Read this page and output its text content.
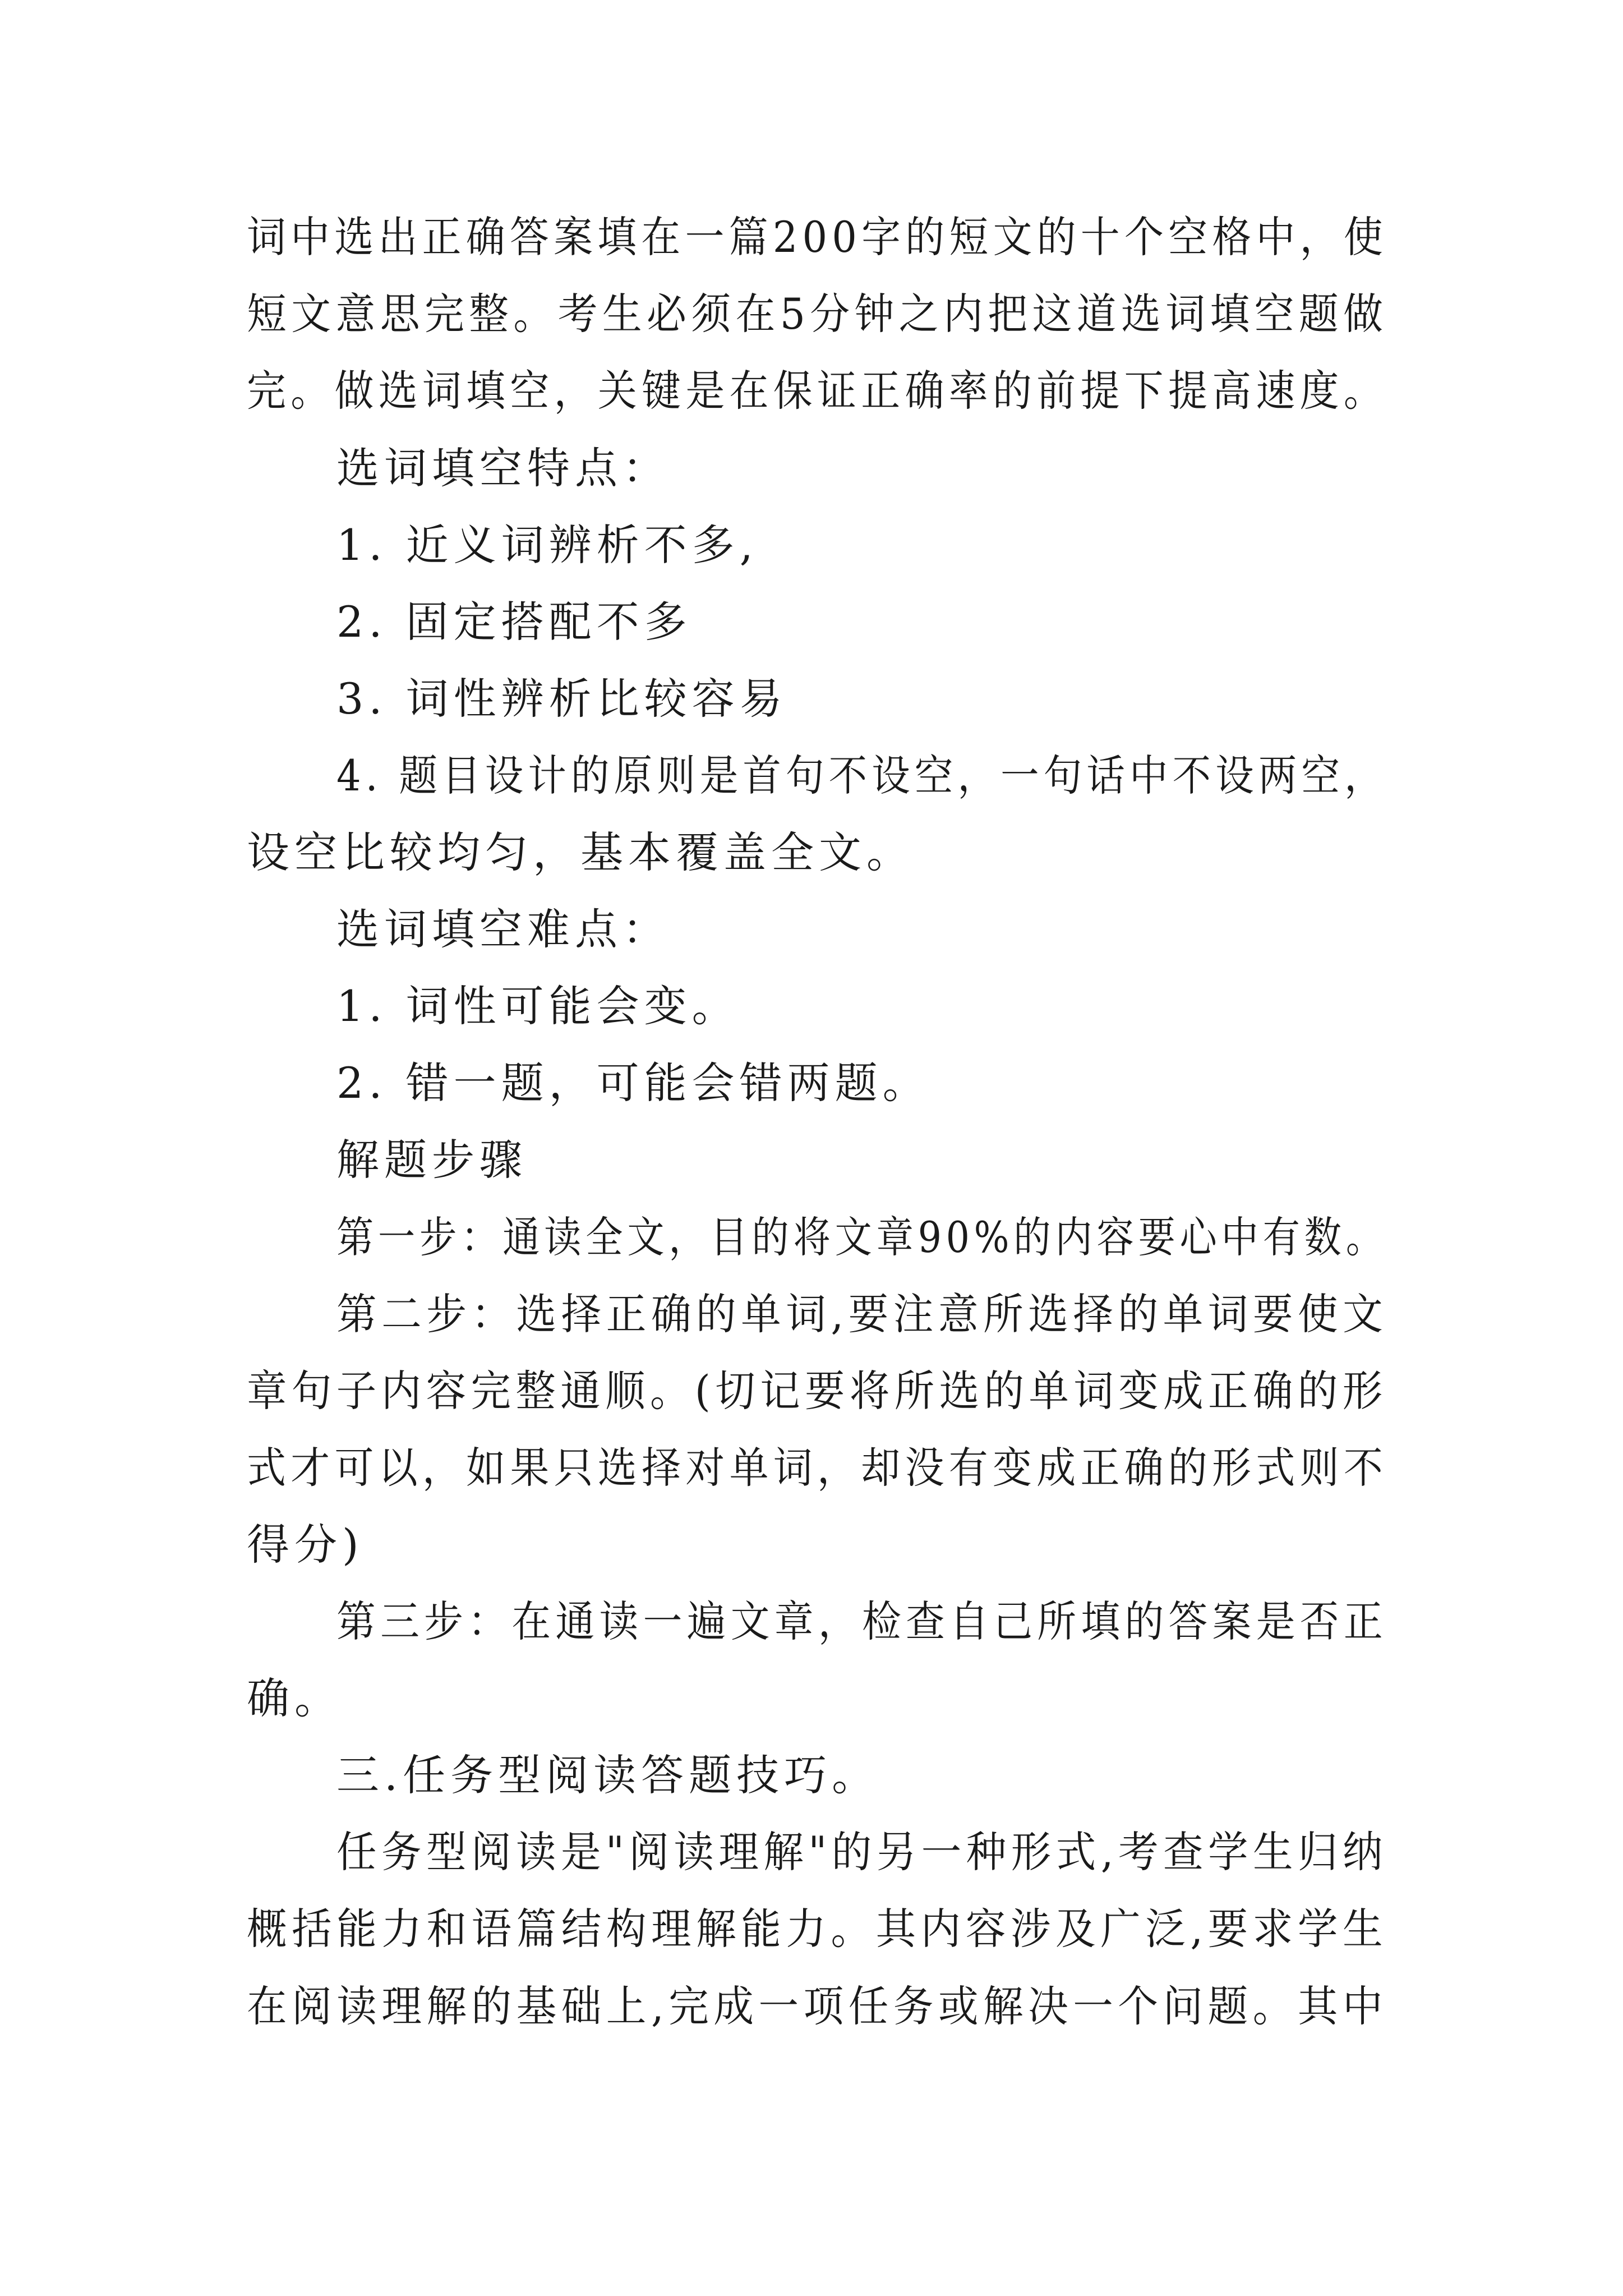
词中选出正确答案填在一篇200字的短文的十个空格中，使
短文意思完整。考生必须在5分钟之内把这道选词填空题做
完。做选词填空，关键是在保证正确率的前提下提高速度。
选词填空特点：
1. 近义词辨析不多,
2. 固定搭配不多
3. 词性辨析比较容易
4. 题目设计的原则是首句不设空，一句话中不设两空，
设空比较均匀，基本覆盖全文。
选词填空难点：
1. 词性可能会变。
2. 错一题，可能会错两题。
解题步骤
第一步：通读全文，目的将文章90%的内容要心中有数。
第二步：选择正确的单词,要注意所选择的单词要使文
章句子内容完整通顺。(切记要将所选的单词变成正确的形
式才可以，如果只选择对单词，却没有变成正确的形式则不
得分)
第三步：在通读一遍文章，检查自己所填的答案是否正
确。
三.任务型阅读答题技巧。
任务型阅读是"阅读理解"的另一种形式,考查学生归纳
概括能力和语篇结构理解能力。其内容涉及广泛,要求学生
在阅读理解的基础上,完成一项任务或解决一个问题。其中
